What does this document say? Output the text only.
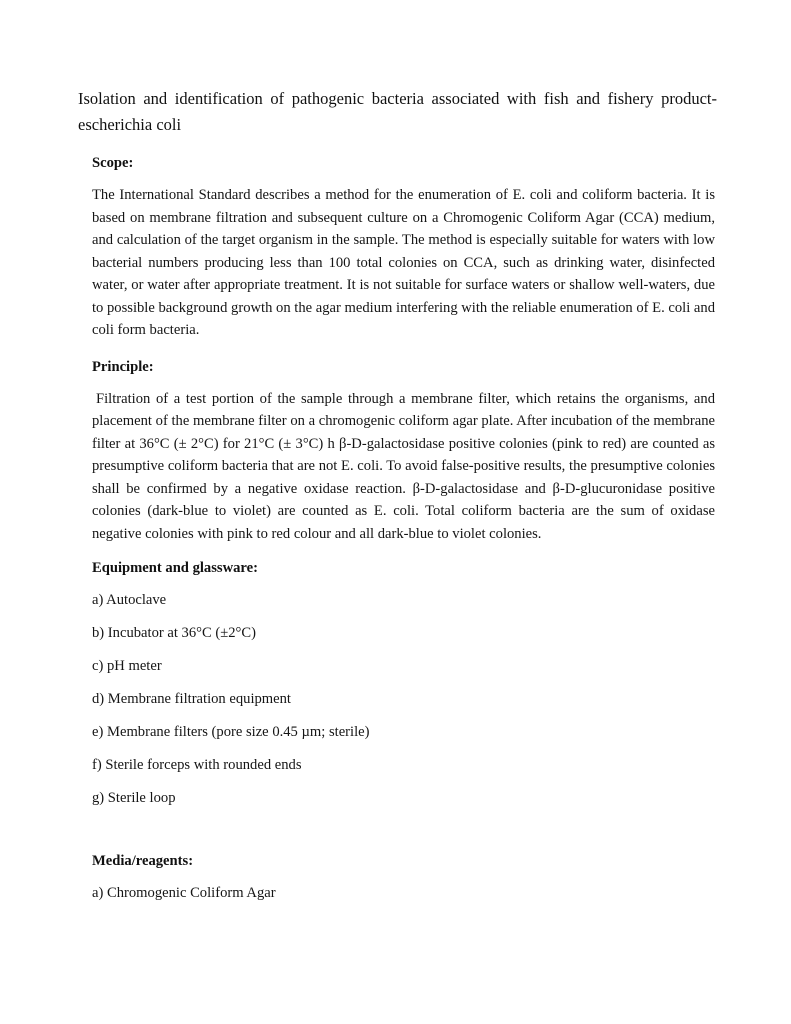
Isolation and identification of pathogenic bacteria associated with fish and fishery product- escherichia coli
Scope:

The International Standard describes a method for the enumeration of E. coli and coliform bacteria. It is based on membrane filtration and subsequent culture on a Chromogenic Coliform Agar (CCA) medium, and calculation of the target organism in the sample. The method is especially suitable for waters with low bacterial numbers producing less than 100 total colonies on CCA, such as drinking water, disinfected water, or water after appropriate treatment. It is not suitable for surface waters or shallow well-waters, due to possible background growth on the agar medium interfering with the reliable enumeration of E. coli and coli form bacteria.

Principle:

Filtration of a test portion of the sample through a membrane filter, which retains the organisms, and placement of the membrane filter on a chromogenic coliform agar plate. After incubation of the membrane filter at 36°C (± 2°C) for 21°C (± 3°C) h β-D-galactosidase positive colonies (pink to red) are counted as presumptive coliform bacteria that are not E. coli. To avoid false-positive results, the presumptive colonies shall be confirmed by a negative oxidase reaction. β-D-galactosidase and β-D-glucuronidase positive colonies (dark-blue to violet) are counted as E. coli. Total coliform bacteria are the sum of oxidase negative colonies with pink to red colour and all dark-blue to violet colonies.

Equipment and glassware:

a) Autoclave

b) Incubator at 36°C (±2°C)

c) pH meter

d) Membrane filtration equipment

e) Membrane filters (pore size 0.45 µm; sterile)

f) Sterile forceps with rounded ends

g) Sterile loop

Media/reagents:

a) Chromogenic Coliform Agar
